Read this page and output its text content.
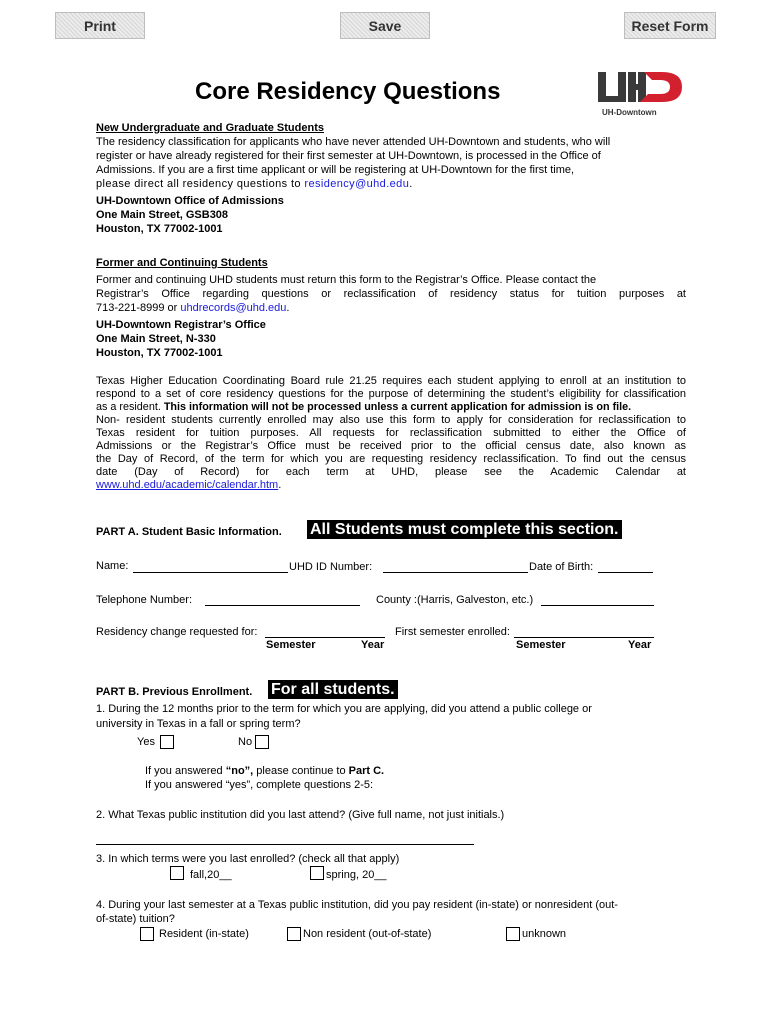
Print	Save	Reset Form
Core Residency Questions
UH-Downtown
New Undergraduate and Graduate Students
The residency classification for applicants who have never attended UH-Downtown and students, who will
register or have already registered for their first semester at UH-Downtown, is processed in the Office of
Admissions. If you are a first time applicant or will be registering at UH-Downtown for the first time,
please direct all residency questions to residency@uhd.edu.
UH-Downtown Office of Admissions
One Main Street, GSB308
Houston, TX 77002-1001
Former and Continuing Students
Former and continuing UHD students must return this form to the Registrar’s Office. Please contact the
Registrar’s Office regarding questions or reclassification of residency status for tuition purposes at
713-221-8999 or uhdrecords@uhd.edu.
UH-Downtown Registrar’s Office
One Main Street, N-330
Houston, TX 77002-1001
Texas Higher Education Coordinating Board rule 21.25 requires each student applying to enroll at an institution to
respond to a set of core residency questions for the purpose of determining the student’s eligibility for classification
as a resident. This information will not be processed unless a current application for admission is on file.
Non- resident students currently enrolled may also use this form to apply for consideration for reclassification to
Texas resident for tuition purposes. All requests for reclassification submitted to either the Office of
Admissions or the Registrar’s Office must be received prior to the official census date, also known as
the Day of Record, of the term for which you are requesting residency reclassification. To find out the census
date (Day of Record) for each term at UHD, please see the Academic Calendar at
www.uhd.edu/academic/calendar.htm.
PART A. Student Basic Information. All Students must complete this section.
Name:	UHD ID Number:	Date of Birth:
Telephone Number:	County :(Harris, Galveston, etc.)
Residency change requested for:	First semester enrolled:
Semester	Year	Semester	Year
PART B. Previous Enrollment. For all students.
1. During the 12 months prior to the term for which you are applying, did you attend a public college or
university in Texas in a fall or spring term?
Yes	No
If you answered “no”, please continue to Part C.
If you answered “yes”, complete questions 2-5:
2. What Texas public institution did you last attend? (Give full name, not just initials.)
3. In which terms were you last enrolled? (check all that apply)
fall,20__	spring, 20__
4. During your last semester at a Texas public institution, did you pay resident (in-state) or nonresident (out-
of-state) tuition?
Resident (in-state)	Non resident (out-of-state)	unknown
